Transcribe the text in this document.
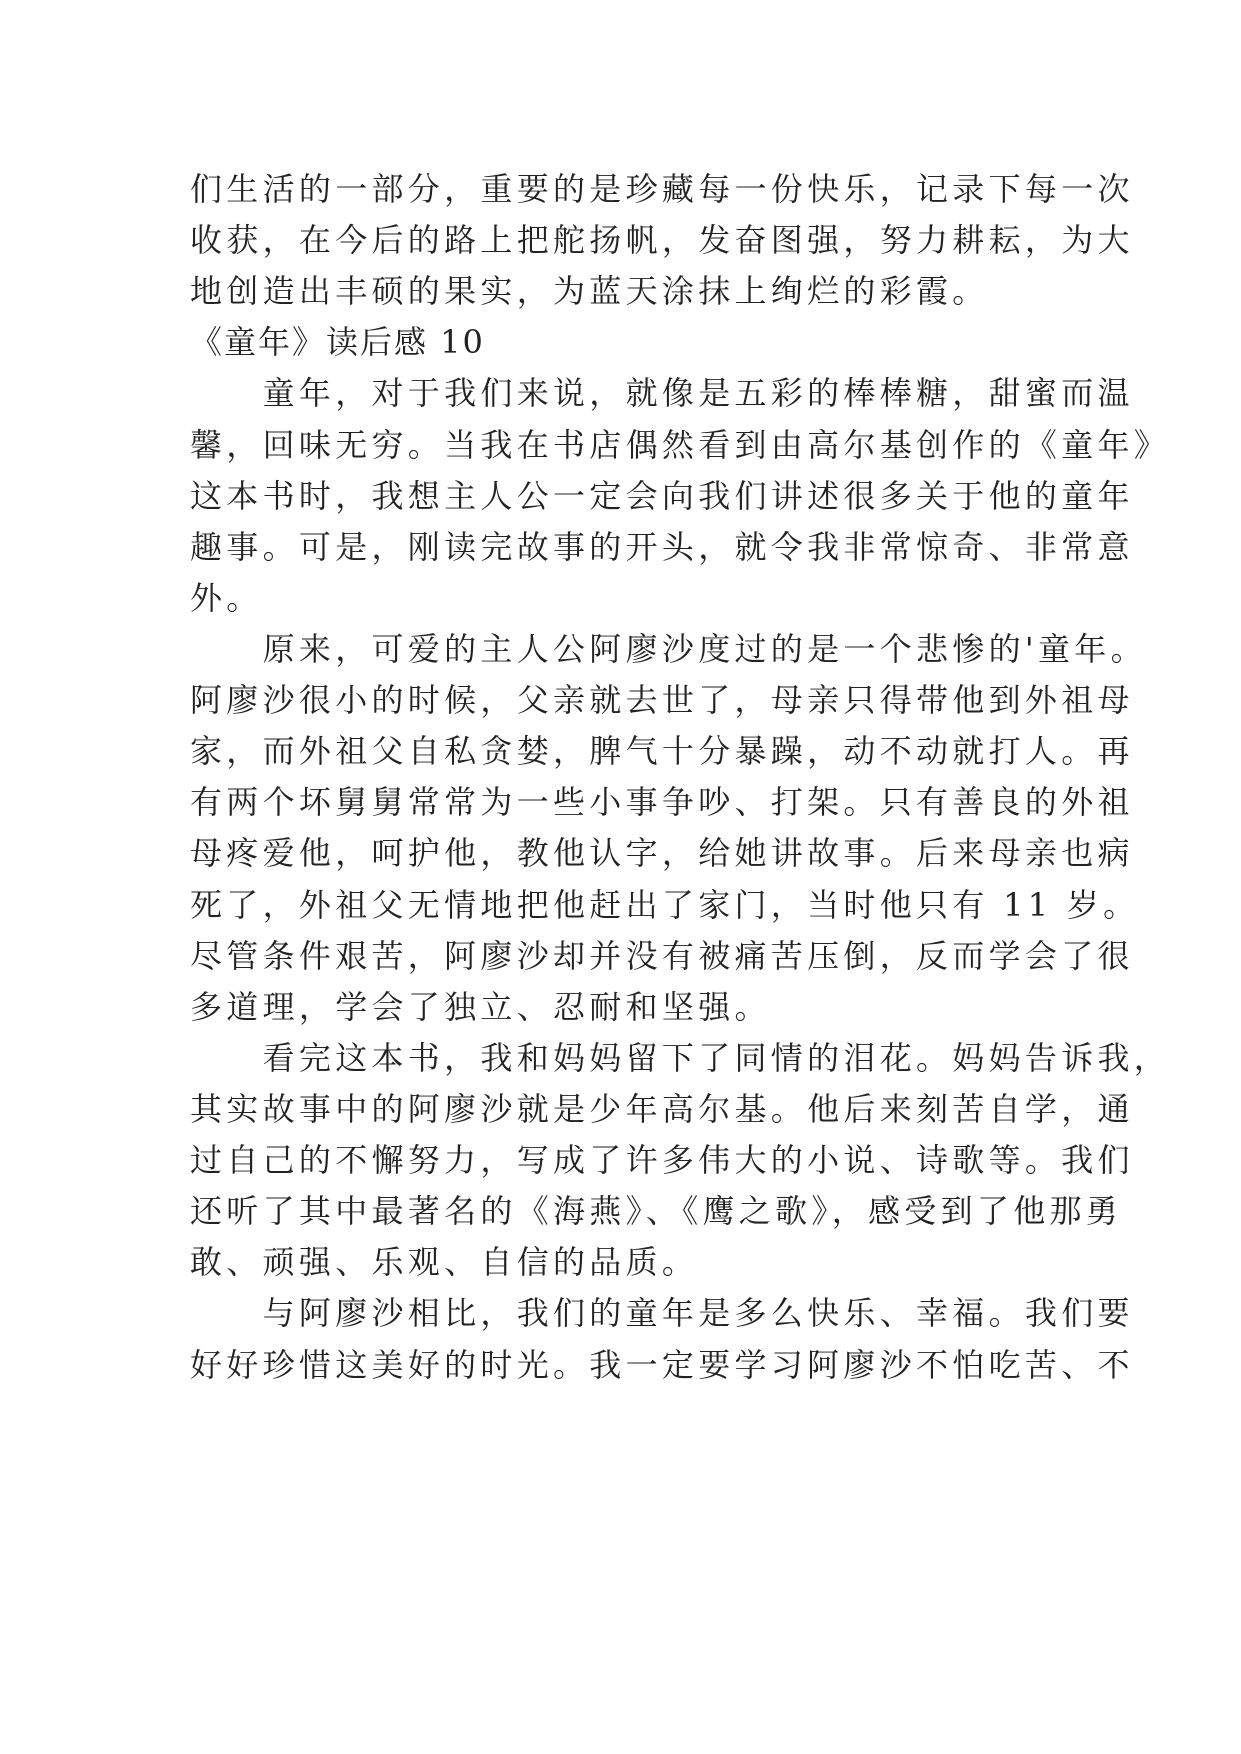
们生活的一部分，重要的是珍藏每一份快乐，记录下每一次
收获，在今后的路上把舵扬帆，发奋图强，努力耕耘，为大
地创造出丰硕的果实，为蓝天涂抹上绚烂的彩霞。
《童年》读后感 10
　　童年，对于我们来说，就像是五彩的棒棒糖，甜蜜而温
馨，回味无穷。当我在书店偶然看到由高尔基创作的《童年》
这本书时，我想主人公一定会向我们讲述很多关于他的童年
趣事。可是，刚读完故事的开头，就令我非常惊奇、非常意
外。
　　原来，可爱的主人公阿廖沙度过的是一个悲惨的'童年。
阿廖沙很小的时候，父亲就去世了，母亲只得带他到外祖母
家，而外祖父自私贪婪，脾气十分暴躁，动不动就打人。再
有两个坏舅舅常常为一些小事争吵、打架。只有善良的外祖
母疼爱他，呵护他，教他认字，给她讲故事。后来母亲也病
死了，外祖父无情地把他赶出了家门，当时他只有 11 岁。
尽管条件艰苦，阿廖沙却并没有被痛苦压倒，反而学会了很
多道理，学会了独立、忍耐和坚强。
　　看完这本书，我和妈妈留下了同情的泪花。妈妈告诉我，
其实故事中的阿廖沙就是少年高尔基。他后来刻苦自学，通
过自己的不懈努力，写成了许多伟大的小说、诗歌等。我们
还听了其中最著名的《海燕》、《鹰之歌》，感受到了他那勇
敢、顽强、乐观、自信的品质。
　　与阿廖沙相比，我们的童年是多么快乐、幸福。我们要
好好珍惜这美好的时光。我一定要学习阿廖沙不怕吃苦、不
